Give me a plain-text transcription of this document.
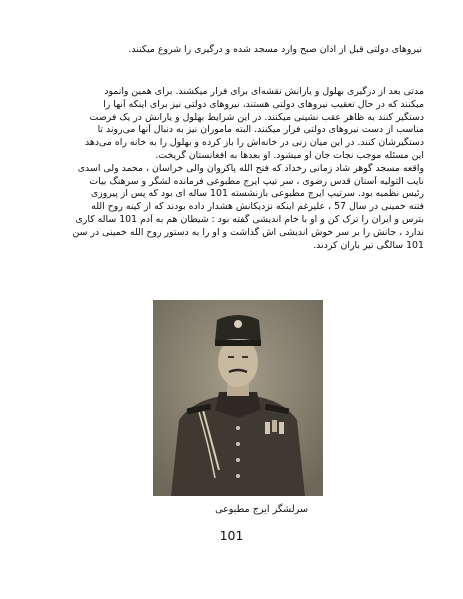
نیروهای دولتی قبل از اذان صبح وارد مسجد شده و درگیری را شروع میکنند.
مدتی بعد از درگیری بهلول و یارانش نقشه‌ای برای فرار میکشند. برای همین وانمود
میکنند که در حال تعقیب نیروهای دولتی هستند، نیروهای دولتی نیز برای اینکه آنها را
دستگیر کنند به ظاهر عقب نشینی میکنند. در این شرایط بهلول و یارانش در یک فرصت
مناسب از دست نیروهای دولتی فرار میکنند. البته ماموران نیز به دنبال آنها می‌روند تا
دستگیرشان کنند. در این میان زنی در خانه‌اش را باز کرده و بهلول را به خانه راه می‌دهد
این مسئله موجب نجات جان او میشود. او بعدها به افغانستان گریخت.
واقعه مسجد گوهر شاد زمانی رخداد که فتح الله پاکروان والی خراسان ، محمد ولی اسدی
نایب التولیه آستان قدس رضوی ، سر تیپ ایرج مطبوعی فرمانده لشگر و سرهنگ بیات
رئیس نظمیه بود. سرتیپ ایرج مطبوعی بازنشسته 101 ساله ای بود که پس از پیروزی
فتنه خمینی در سال 57 ، علیرغم اینکه نزدیکانش هشدار داده بودند که از کینه روح الله
بترس و ایران را ترک کن و او با خام اندیشی گفته بود : شیطان هم به آدم 101 ساله کاری
ندارد ، جانش را بر سر خوش اندیشی اش گذاشت و او را به دستور روح الله خمینی در سن
101 سالگی تیر باران کردند.

سرلشگر ایرج مطبوعی

101
